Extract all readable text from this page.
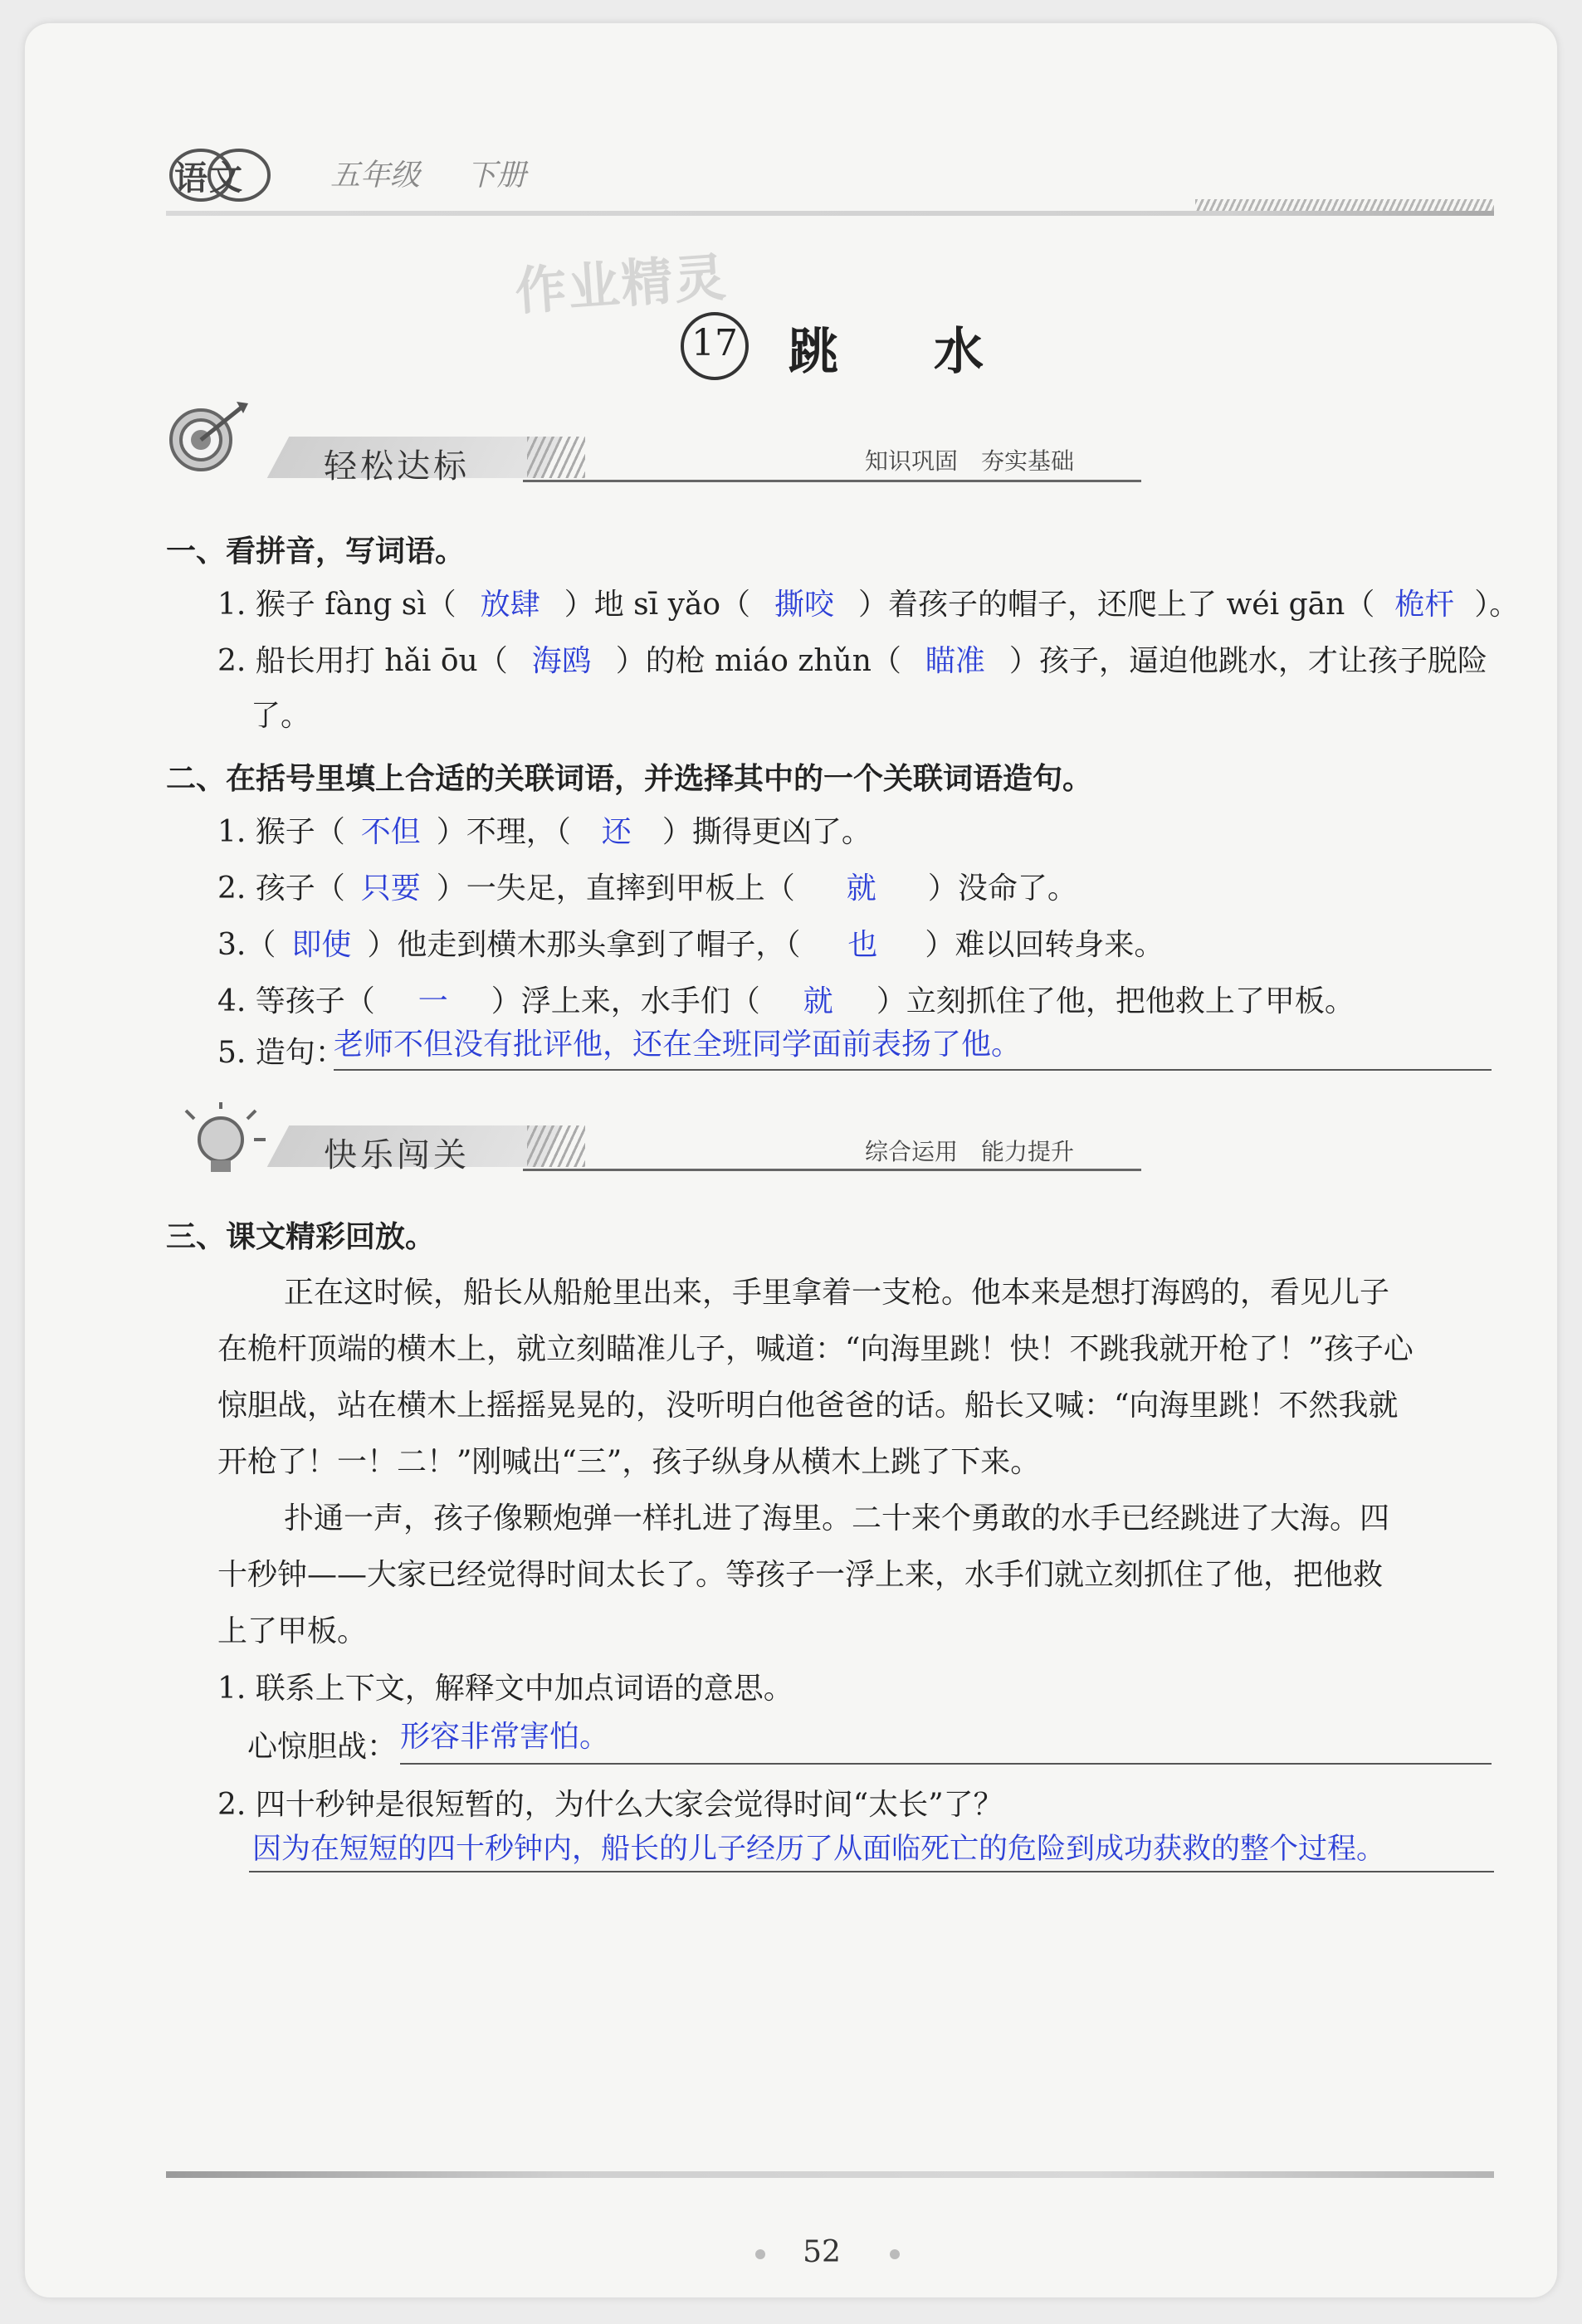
语文	五年级 下册
作业精灵
17 跳 水
轻松达标	知识巩固　夯实基础
一、看拼音，写词语。
1. 猴子 fàng sì（ 放肆 ）地 sī yǎo（ 撕咬 ）着孩子的帽子，还爬上了 wéi gān（ 桅杆 ）。
2. 船长用打 hǎi ōu（ 海鸥 ）的枪 miáo zhǔn（ 瞄准 ）孩子，逼迫他跳水，才让孩子脱险
了。
二、在括号里填上合适的关联词语，并选择其中的一个关联词语造句。
1. 猴子（ 不但 ）不理，（ 还 ）撕得更凶了。
2. 孩子（ 只要 ）一失足，直摔到甲板上（ 就 ）没命了。
3.（ 即使 ）他走到横木那头拿到了帽子，（ 也 ）难以回转身来。
4. 等孩子（ 一 ）浮上来，水手们（ 就 ）立刻抓住了他，把他救上了甲板。
5. 造句：
老师不但没有批评他，还在全班同学面前表扬了他。
快乐闯关	综合运用　能力提升
三、课文精彩回放。
正在这时候，船长从船舱里出来，手里拿着一支枪。他本来是想打海鸥的，看见儿子
在桅杆顶端的横木上，就立刻瞄准儿子，喊道：“向海里跳！快！不跳我就开枪了！”孩子心
惊胆战 •，站在横木上摇摇晃晃的，没听明白他爸爸的话。船长又喊：“向海里跳！不然我就
开枪了！一！二！”刚喊出“三”，孩子纵身从横木上跳了下来。
扑通一声，孩子像颗炮弹一样扎进了海里。二十来个勇敢的水手已经跳进了大海。四
十秒钟——大家已经觉得时间太长了。等孩子一浮上来，水手们就立刻抓住了他，把他救
上了甲板。
1. 联系上下文，解释文中加点词语的意思。
心惊胆战： 形容非常害怕。
2. 四十秒钟是很短暂的，为什么大家会觉得时间“太长”了？
因为在短短的四十秒钟内，船长的儿子经历了从面临死亡的危险到成功获救的整个过程。
52
